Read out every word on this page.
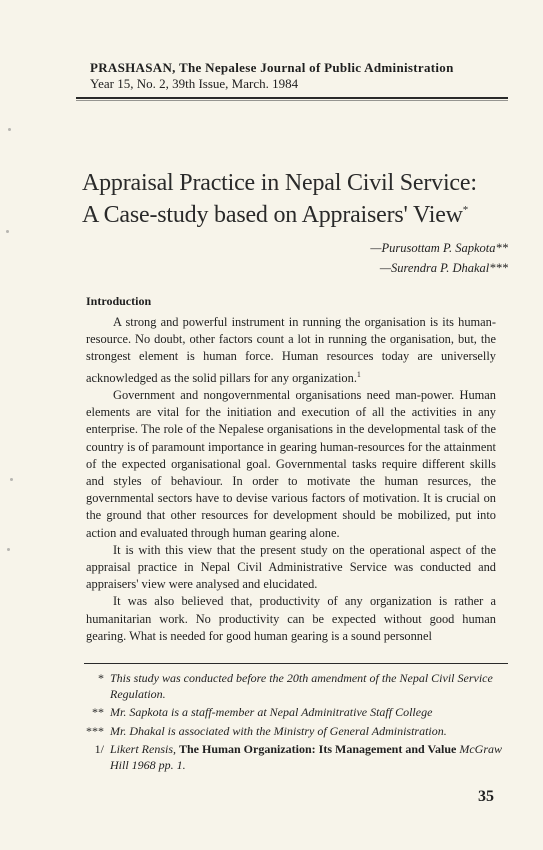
PRASHASAN, The Nepalese Journal of Public Administration
Year 15, No. 2, 39th Issue, March. 1984
Appraisal Practice in Nepal Civil Service:
A Case-study based on Appraisers' View*
—Purusottam P. Sapkota**
—Surendra P. Dhakal***
Introduction

A strong and powerful instrument in running the organisation is its human-resource. No doubt, other factors count a lot in running the organisation, but, the strongest element is human force. Human resources today are universelly acknowledged as the solid pillars for any organization.$^1$

Government and nongovernmental organisations need man-power. Human elements are vital for the initiation and execution of all the activities in any enterprise. The role of the Nepalese organisations in the developmental task of the country is of paramount importance in gearing human-resources for the attainment of the expected organisational goal. Governmental tasks require different skills and styles of behaviour. In order to motivate the human resurces, the governmental sectors have to devise various factors of motivation. It is crucial on the ground that other resources for development should be mobilized, put into action and evaluated through human gearing alone.

It is with this view that the present study on the operational aspect of the appraisal practice in Nepal Civil Administrative Service was conducted and appraisers' view were analysed and elucidated.

It was also believed that, productivity of any organization is rather a humanitarian work. No productivity can be expected without good human gearing. What is needed for good human gearing is a sound personnel

* This study was conducted before the 20th amendment of the Nepal Civil Service Regulation.
** Mr. Sapkota is a staff-member at Nepal Adminitrative Staff College
*** Mr. Dhakal is associated with the Ministry of General Administration.
1/ Likert Rensis, The Human Organization: Its Management and Value McGraw Hill 1968 pp. 1.
35
